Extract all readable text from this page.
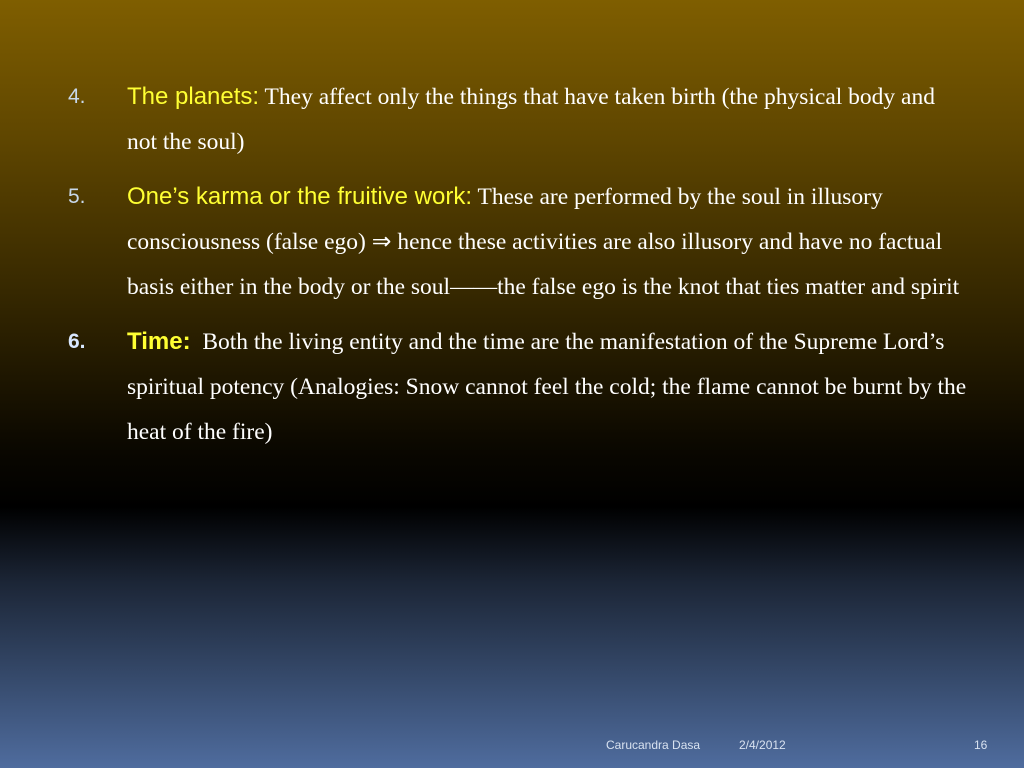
4.	The planets: They affect only the things that have taken birth (the physical body and not the soul)
5.	One’s karma or the fruitive work: These are performed by the soul in illusory consciousness (false ego) ⇒ hence these activities are also illusory and have no factual basis either in the body or the soul——the false ego is the knot that ties matter and spirit
6.	Time: Both the living entity and the time are the manifestation of the Supreme Lord’s spiritual potency (Analogies: Snow cannot feel the cold; the flame cannot be burnt by the heat of the fire)
Carucandra Dasa	2/4/2012	16
